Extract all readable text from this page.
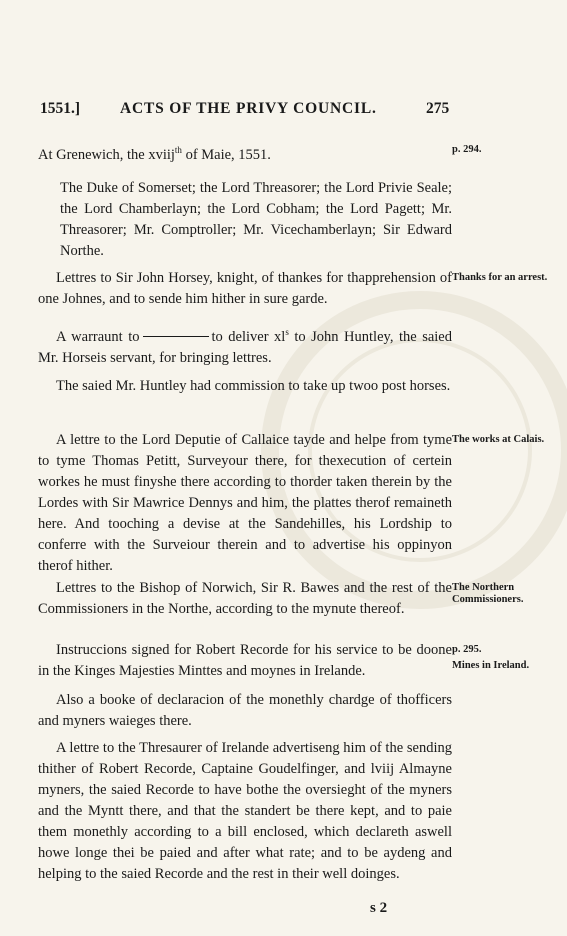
1551.]	ACTS OF THE PRIVY COUNCIL.	275

At Grenewich, the xviij$^{th}$ of Maie, 1551.	p. 294.

The Duke of Somerset; the Lord Threasorer; the Lord Privie Seale; the Lord Chamberlayn; the Lord Cobham; the Lord Pagett; Mr. Threasorer; Mr. Comptroller; Mr. Vicechamberlayn; Sir Edward Northe.

Lettres to Sir John Horsey, knight, of thankes for thapprehension of one Johnes, and to sende him hither in sure garde.

Thanks for an arrest.

A warraunt to	to deliver $xl^s$ to John Huntley, the saied Mr. Horseis servant, for bringing lettres.

The saied Mr. Huntley had commission to take up twoo post horses.

A lettre to the Lord Deputie of Callaice tayde and helpe from tyme to tyme Thomas Petitt, Surveyour there, for thexecution of certein workes he must finyshe there according to thorder taken therein by the Lordes with Sir Mawrice Dennys and him, the plattes therof remaineth here. And tooching a devise at the Sandehilles, his Lordship to conferre with the Surveiour therein and to advertise his oppinyon therof hither.

The works at Calais.

Lettres to the Bishop of Norwich, Sir R. Bawes and the rest of the Commissioners in the Northe, according to the mynute thereof.

The Northern Commissioners.

Instruccions signed for Robert Recorde for his service to be doone in the Kinges Majesties Minttes and moynes in Irelande.

p. 295.

Mines in Ireland.

Also a booke of declaracion of the monethly chardge of thofficers and myners waieges there.

A lettre to the Thresaurer of Irelande advertiseng him of the sending thither of Robert Recorde, Captaine Goudelfinger, and lviij Almayne myners, the saied Recorde to have bothe the oversieght of the myners and the Myntt there, and that the standert be there kept, and to paie them monethly according to a bill enclosed, which declareth aswell howe longe thei be paied and after what rate; and to be aydeng and helping to the saied Recorde and the rest in their well doinges.

s 2
